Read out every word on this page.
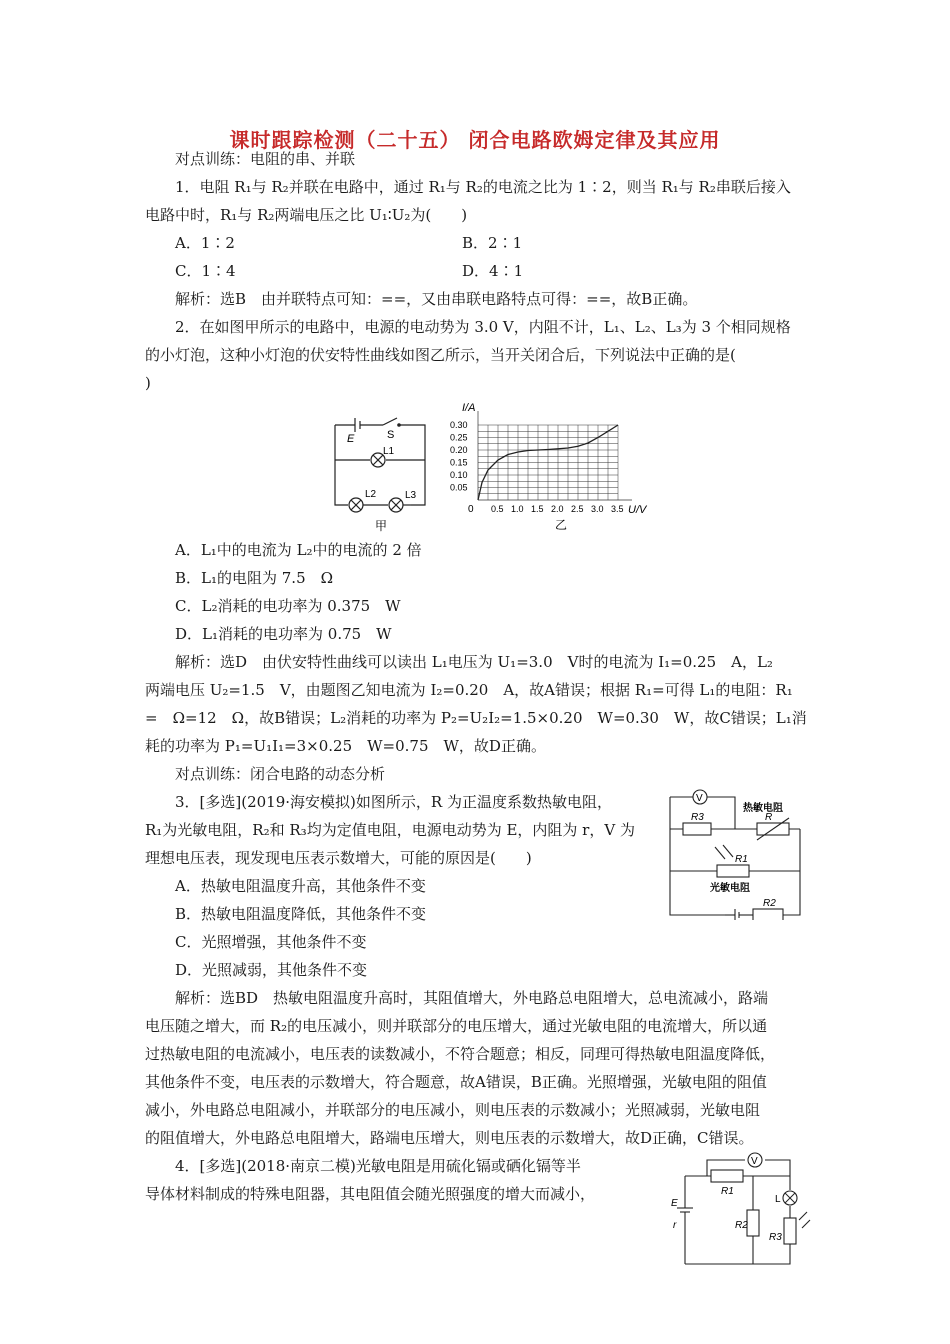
课时跟踪检测（二十五） 闭合电路欧姆定律及其应用
对点训练：电阻的串、并联
1．电阻 R₁与 R₂并联在电路中，通过 R₁与 R₂的电流之比为 1∶2，则当 R₁与 R₂串联后接入
电路中时，R₁与 R₂两端电压之比 U₁∶U₂为(　　)
A．1∶2	B．2∶1
C．1∶4	D．4∶1
解析：选B　由并联特点可知：==，又由串联电路特点可得：==，故B正确。
2．在如图甲所示的电路中，电源的电动势为 3.0 V，内阻不计，L₁、L₂、L₃为 3 个相同规格
的小灯泡，这种小灯泡的伏安特性曲线如图乙所示，当开关闭合后，下列说法中正确的是(
)
E	S
L1
L2	L3
甲
0.5 1.0 1.5 2.0 2.5 3.0 3.5
0.05
0.10
0.15
0.20
0.25
0.30
I/A
U/V
0
乙
A．L₁中的电流为 L₂中的电流的 2 倍
B．L₁的电阻为 7.5　Ω
C．L₂消耗的电功率为 0.375　W
D．L₁消耗的电功率为 0.75　W
解析：选D　由伏安特性曲线可以读出 L₁电压为 U₁=3.0　V时的电流为 I₁=0.25　A，L₂
两端电压 U₂=1.5　V，由题图乙知电流为 I₂=0.20　A，故A错误；根据 R₁=可得 L₁的电阻：R₁
=　Ω=12　Ω，故B错误；L₂消耗的功率为 P₂=U₂I₂=1.5×0.20　W=0.30　W，故C错误；L₁消
耗的功率为 P₁=U₁I₁=3×0.25　W=0.75　W，故D正确。
对点训练：闭合电路的动态分析
3．[多选](2019·海安模拟)如图所示，R 为正温度系数热敏电阻，
R₁为光敏电阻，R₂和 R₃均为定值电阻，电源电动势为 E，内阻为 r，V 为
理想电压表，现发现电压表示数增大，可能的原因是(　　)
A．热敏电阻温度升高，其他条件不变
B．热敏电阻温度降低，其他条件不变
C．光照增强，其他条件不变
D．光照减弱，其他条件不变
V
热敏电阻
R3	R
R1
光敏电阻
R2
解析：选BD　热敏电阻温度升高时，其阻值增大，外电路总电阻增大，总电流减小，路端
电压随之增大，而 R₂的电压减小，则并联部分的电压增大，通过光敏电阻的电流增大，所以通
过热敏电阻的电流减小，电压表的读数减小，不符合题意；相反，同理可得热敏电阻温度降低，
其他条件不变，电压表的示数增大，符合题意，故A错误，B正确。光照增强，光敏电阻的阻值
减小，外电路总电阻减小，并联部分的电压减小，则电压表的示数减小；光照减弱，光敏电阻
的阻值增大，外电路总电阻增大，路端电压增大，则电压表的示数增大，故D正确，C错误。
4．[多选](2018·南京二模)光敏电阻是用硫化镉或硒化镉等半
导体材料制成的特殊电阻器，其电阻值会随光照强度的增大而减小，
V
R1
L
E
r	R2
R3
